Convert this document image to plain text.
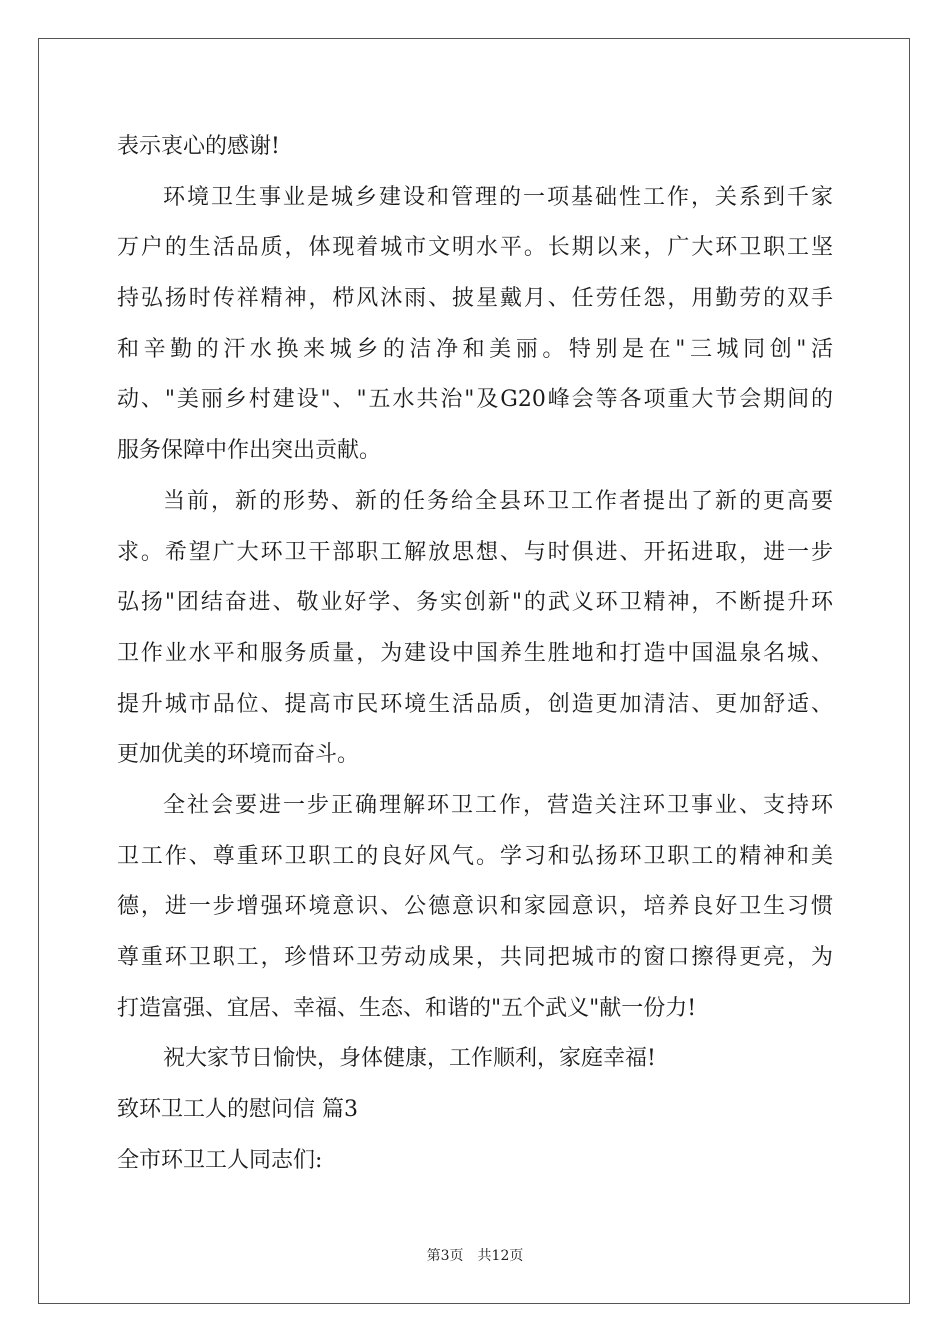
表示衷心的感谢!
环境卫生事业是城乡建设和管理的一项基础性工作，关系到千家
万户的生活品质，体现着城市文明水平。长期以来，广大环卫职工坚
持弘扬时传祥精神，栉风沐雨、披星戴月、任劳任怨，用勤劳的双手
和辛勤的汗水换来城乡的洁净和美丽。特别是在"三城同创"活
动、"美丽乡村建设"、"五水共治"及G20峰会等各项重大节会期间的
服务保障中作出突出贡献。
当前，新的形势、新的任务给全县环卫工作者提出了新的更高要
求。希望广大环卫干部职工解放思想、与时俱进、开拓进取，进一步
弘扬"团结奋进、敬业好学、务实创新"的武义环卫精神，不断提升环
卫作业水平和服务质量，为建设中国养生胜地和打造中国温泉名城、
提升城市品位、提高市民环境生活品质，创造更加清洁、更加舒适、
更加优美的环境而奋斗。
全社会要进一步正确理解环卫工作，营造关注环卫事业、支持环
卫工作、尊重环卫职工的良好风气。学习和弘扬环卫职工的精神和美
德，进一步增强环境意识、公德意识和家园意识，培养良好卫生习惯
尊重环卫职工，珍惜环卫劳动成果，共同把城市的窗口擦得更亮，为
打造富强、宜居、幸福、生态、和谐的"五个武义"献一份力!
祝大家节日愉快，身体健康，工作顺利，家庭幸福!
致环卫工人的慰问信 篇3
全市环卫工人同志们:
第3页 共12页
